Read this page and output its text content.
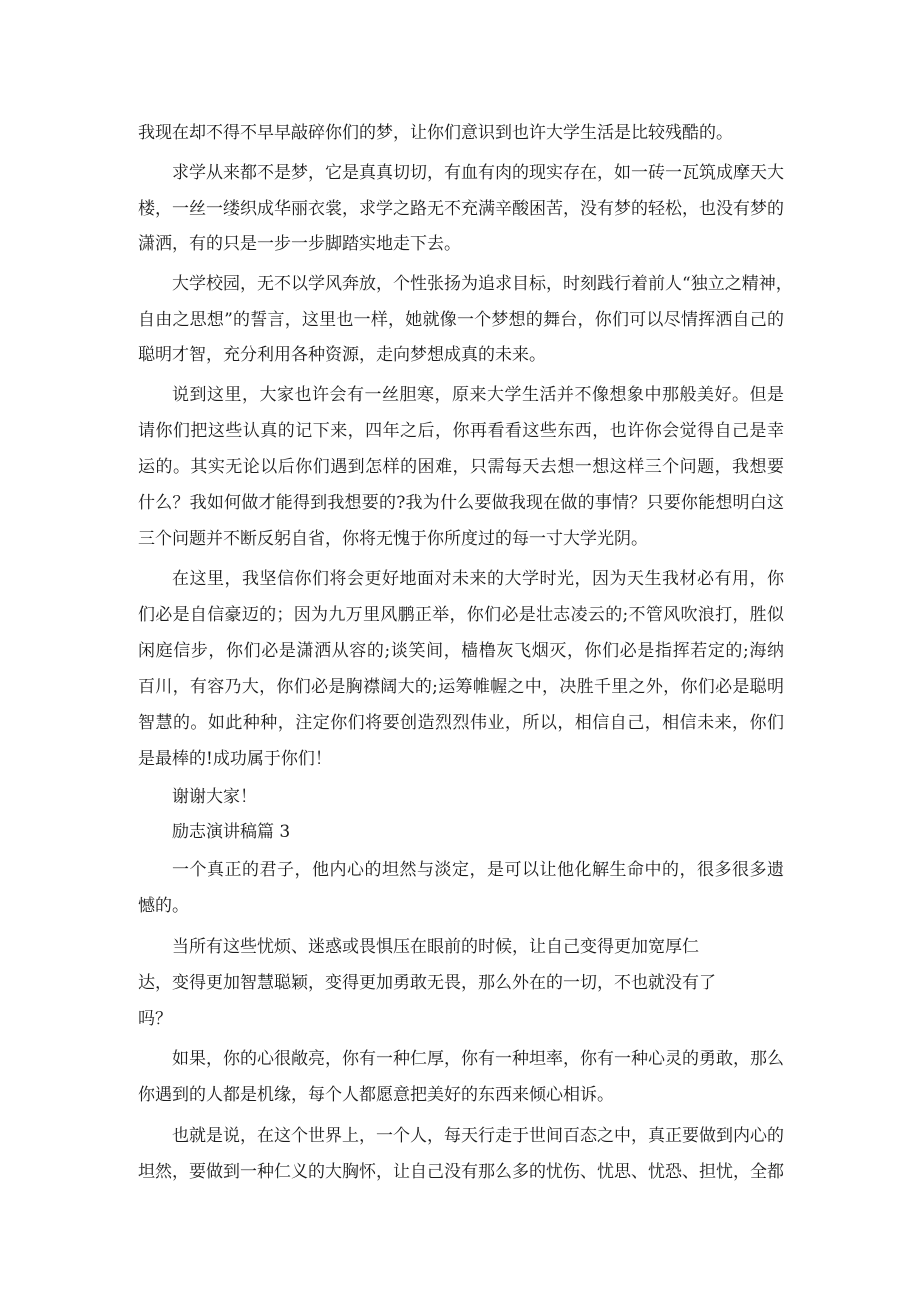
我现在却不得不早早敲碎你们的梦，让你们意识到也许大学生活是比较残酷的。
求学从来都不是梦，它是真真切切，有血有肉的现实存在，如一砖一瓦筑成摩天大
楼，一丝一缕织成华丽衣裳，求学之路无不充满辛酸困苦，没有梦的轻松，也没有梦的
潇洒，有的只是一步一步脚踏实地走下去。
大学校园，无不以学风奔放，个性张扬为追求目标，时刻践行着前人“独立之精神，
自由之思想”的誓言，这里也一样，她就像一个梦想的舞台，你们可以尽情挥洒自己的
聪明才智，充分利用各种资源，走向梦想成真的未来。
说到这里，大家也许会有一丝胆寒，原来大学生活并不像想象中那般美好。但是
请你们把这些认真的记下来，四年之后，你再看看这些东西，也许你会觉得自己是幸
运的。其实无论以后你们遇到怎样的困难，只需每天去想一想这样三个问题，我想要
什么？我如何做才能得到我想要的?我为什么要做我现在做的事情？只要你能想明白这
三个问题并不断反躬自省，你将无愧于你所度过的每一寸大学光阴。
在这里，我坚信你们将会更好地面对未来的大学时光，因为天生我材必有用，你
们必是自信豪迈的；因为九万里风鹏正举，你们必是壮志凌云的;不管风吹浪打，胜似
闲庭信步，你们必是潇洒从容的;谈笑间，樯橹灰飞烟灭，你们必是指挥若定的;海纳
百川，有容乃大，你们必是胸襟阔大的;运筹帷幄之中，决胜千里之外，你们必是聪明
智慧的。如此种种，注定你们将要创造烈烈伟业，所以，相信自己，相信未来，你们
是最棒的!成功属于你们！
谢谢大家！
励志演讲稿篇 3
一个真正的君子，他内心的坦然与淡定，是可以让他化解生命中的，很多很多遗
憾的。
当所有这些忧烦、迷惑或畏惧压在眼前的时候，让自己变得更加宽厚仁
达，变得更加智慧聪颖，变得更加勇敢无畏，那么外在的一切，不也就没有了
吗？
如果，你的心很敞亮，你有一种仁厚，你有一种坦率，你有一种心灵的勇敢，那么
你遇到的人都是机缘，每个人都愿意把美好的东西来倾心相诉。
也就是说，在这个世界上，一个人，每天行走于世间百态之中，真正要做到内心的
坦然，要做到一种仁义的大胸怀，让自己没有那么多的忧伤、忧思、忧恐、担忧，全都
